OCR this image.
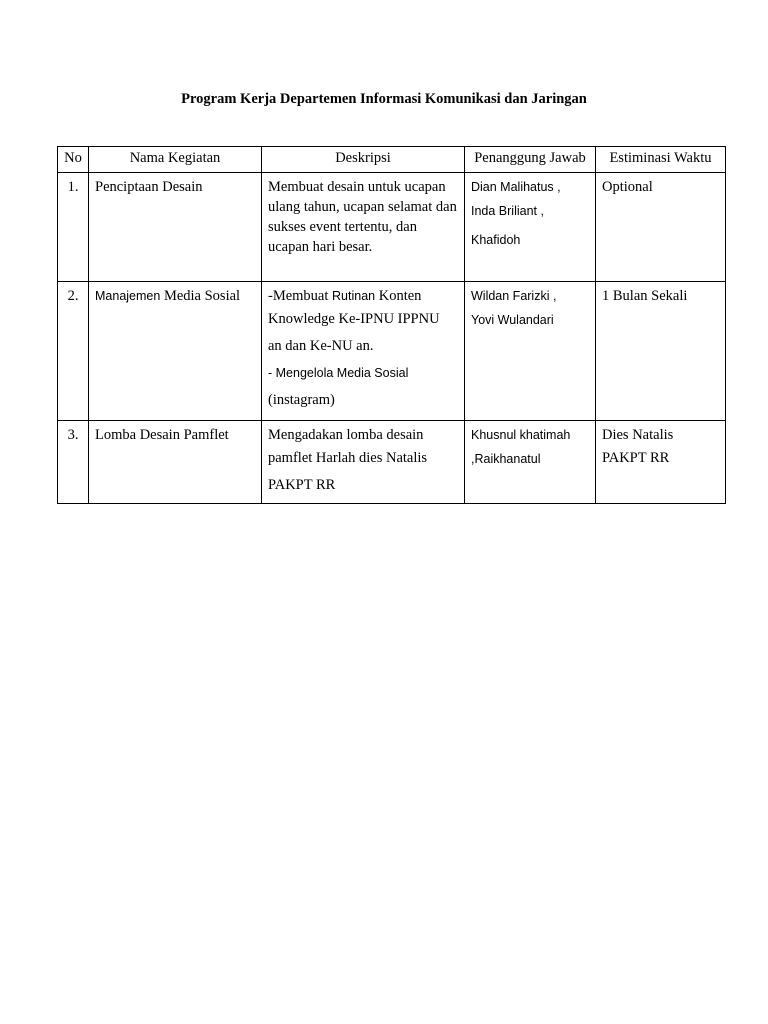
Program Kerja Departemen Informasi Komunikasi dan Jaringan
No	Nama Kegiatan	Deskripsi	Penanggung Jawab	Estiminasi Waktu
1.	Penciptaan Desain	Membuat desain untuk ucapan ulang tahun, ucapan selamat dan sukses event tertentu, dan ucapan hari besar.	Dian Malihatus ,
Inda Briliant ,
Khafidoh	Optional
2.	Manajemen Media Sosial	-Membuat Rutinan Konten
Knowledge Ke-IPNU IPPNU
an dan Ke-NU an.
- Mengelola Media Sosial
(instagram)	Wildan Farizki ,
Yovi Wulandari	1 Bulan Sekali
3.	Lomba Desain Pamflet	Mengadakan lomba desain
pamflet Harlah dies Natalis
PAKPT RR	Khusnul khatimah
,Raikhanatul	Dies Natalis
PAKPT RR
